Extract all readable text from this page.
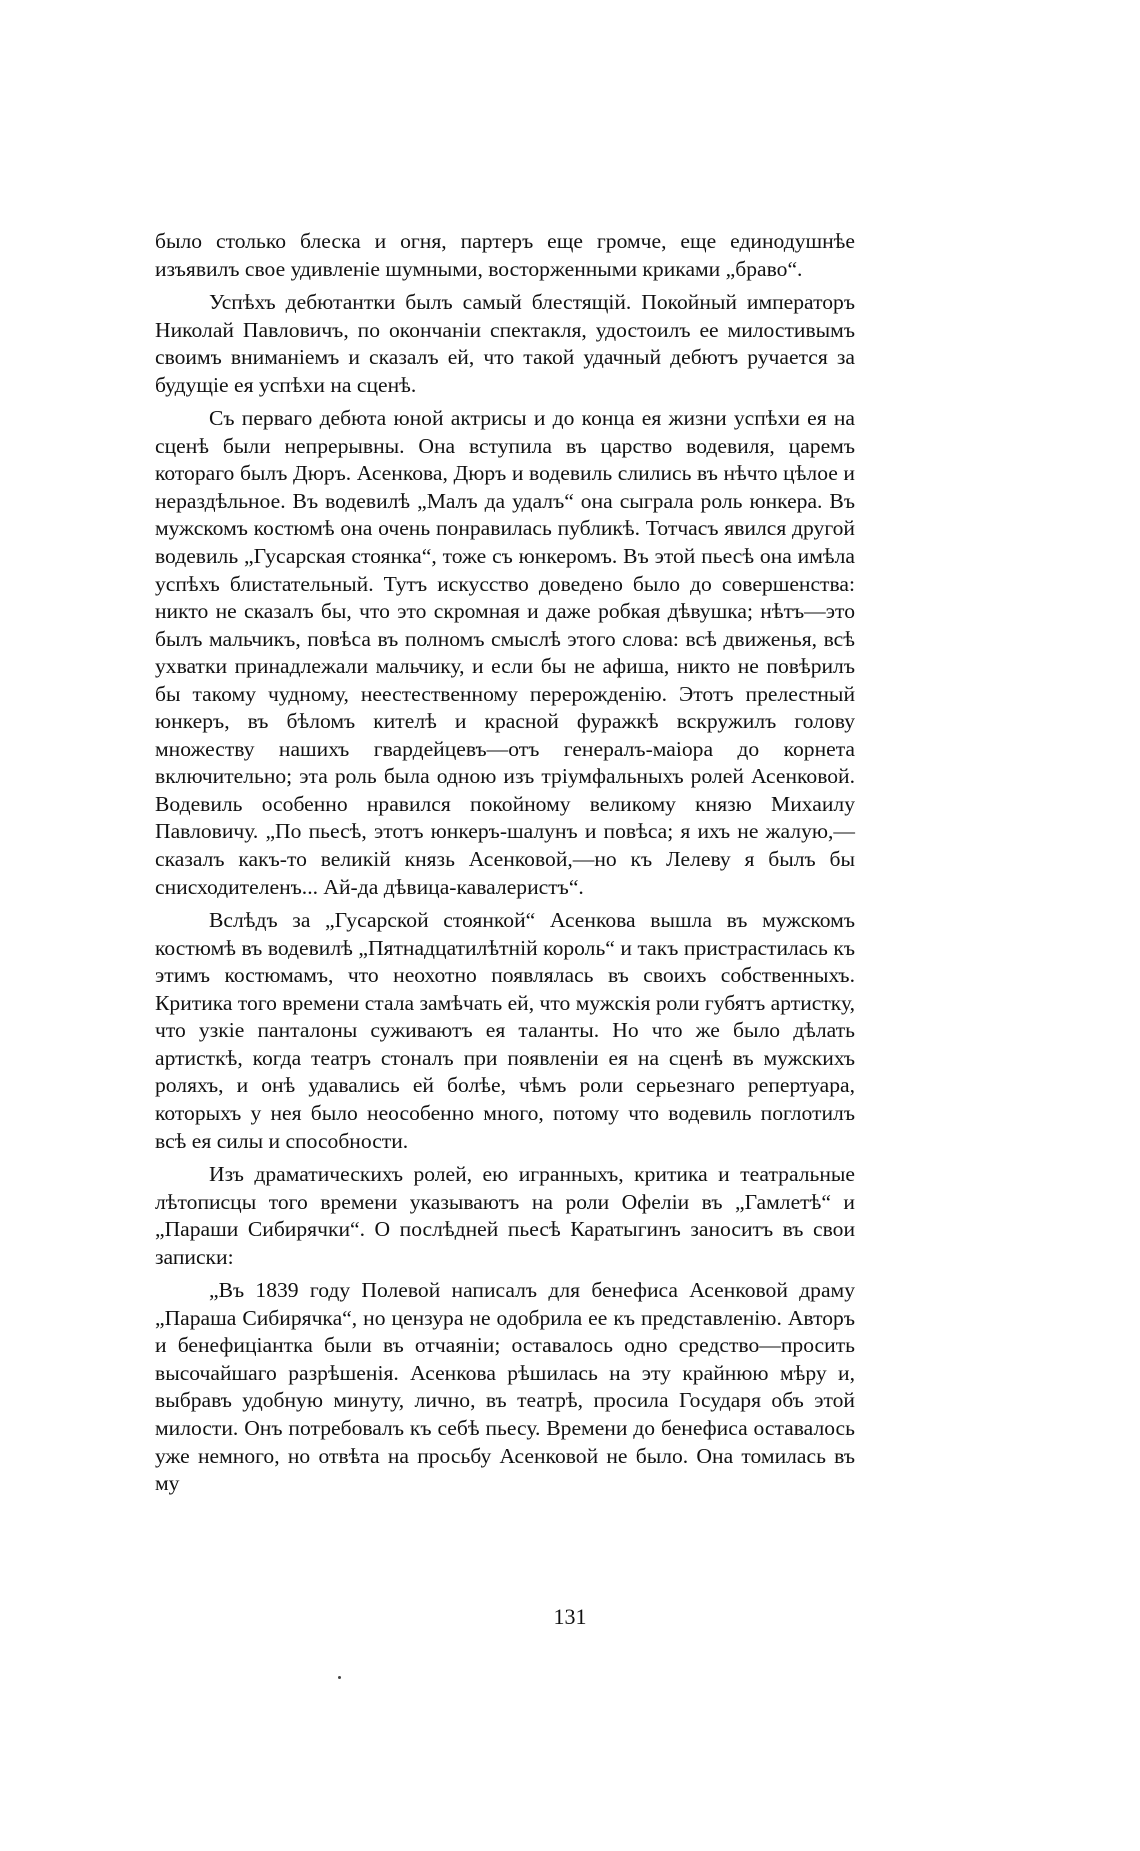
было столько блеска и огня, партеръ еще громче, еще единодушнѣе изъявилъ свое удивленіе шумными, восторженными криками „браво“.

Успѣхъ дебютантки былъ самый блестящій. Покойный императоръ Николай Павловичъ, по окончаніи спектакля, удостоилъ ее милостивымъ своимъ вниманіемъ и сказалъ ей, что такой удачный дебютъ ручается за будущіе ея успѣхи на сценѣ.

Съ перваго дебюта юной актрисы и до конца ея жизни успѣхи ея на сценѣ были непрерывны. Она вступила въ царство водевиля, царемъ котораго былъ Дюръ. Асенкова, Дюръ и водевиль слились въ нѣчто цѣлое и нераздѣльное. Въ водевилѣ „Малъ да удалъ“ она сыграла роль юнкера. Въ мужскомъ костюмѣ она очень понравилась публикѣ. Тотчасъ явился другой водевиль „Гусарская стоянка“, тоже съ юнкеромъ. Въ этой пьесѣ она имѣла успѣхъ блистательный. Тутъ искусство доведено было до совершенства: никто не сказалъ бы, что это скромная и даже робкая дѣвушка; нѣтъ—это былъ мальчикъ, повѣса въ полномъ смыслѣ этого слова: всѣ движенья, всѣ ухватки принадлежали мальчику, и если бы не афиша, никто не повѣрилъ бы такому чудному, неестественному перерожденію. Этотъ прелестный юнкеръ, въ бѣломъ кителѣ и красной фуражкѣ вскружилъ голову множеству нашихъ гвардейцевъ—отъ генералъ-маіора до корнета включительно; эта роль была одною изъ тріумфальныхъ ролей Асенковой. Водевиль особенно нравился покойному великому князю Михаилу Павловичу. „По пьесѣ, этотъ юнкеръ-шалунъ и повѣса; я ихъ не жалую,—сказалъ какъ-то великій князь Асенковой,—но къ Лелеву я былъ бы снисходителенъ... Ай-да дѣвица-кавалеристъ“.

Вслѣдъ за „Гусарской стоянкой“ Асенкова вышла въ мужскомъ костюмѣ въ водевилѣ „Пятнадцатилѣтній король“ и такъ пристрастилась къ этимъ костюмамъ, что неохотно появлялась въ своихъ собственныхъ. Критика того времени стала замѣчать ей, что мужскія роли губятъ артистку, что узкіе панталоны суживаютъ ея таланты. Но что же было дѣлать артисткѣ, когда театръ стоналъ при появленіи ея на сценѣ въ мужскихъ роляхъ, и онѣ удавались ей болѣе, чѣмъ роли серьезнаго репертуара, которыхъ у нея было неособенно много, потому что водевиль поглотилъ всѣ ея силы и способности.

Изъ драматическихъ ролей, ею игранныхъ, критика и театральные лѣтописцы того времени указываютъ на роли Офеліи въ „Гамлетѣ“ и „Параши Сибирячки“. О послѣдней пьесѣ Каратыгинъ заноситъ въ свои записки:

„Въ 1839 году Полевой написалъ для бенефиса Асенковой драму „Параша Сибирячка“, но цензура не одобрила ее къ представленію. Авторъ и бенефиціантка были въ отчаяніи; оставалось одно средство—просить высочайшаго разрѣшенія. Асенкова рѣшилась на эту крайнюю мѣру и, выбравъ удобную минуту, лично, въ театрѣ, просила Государя объ этой милости. Онъ потребовалъ къ себѣ пьесу. Времени до бенефиса оставалось уже немного, но отвѣта на просьбу Асенковой не было. Она томилась въ му

131
